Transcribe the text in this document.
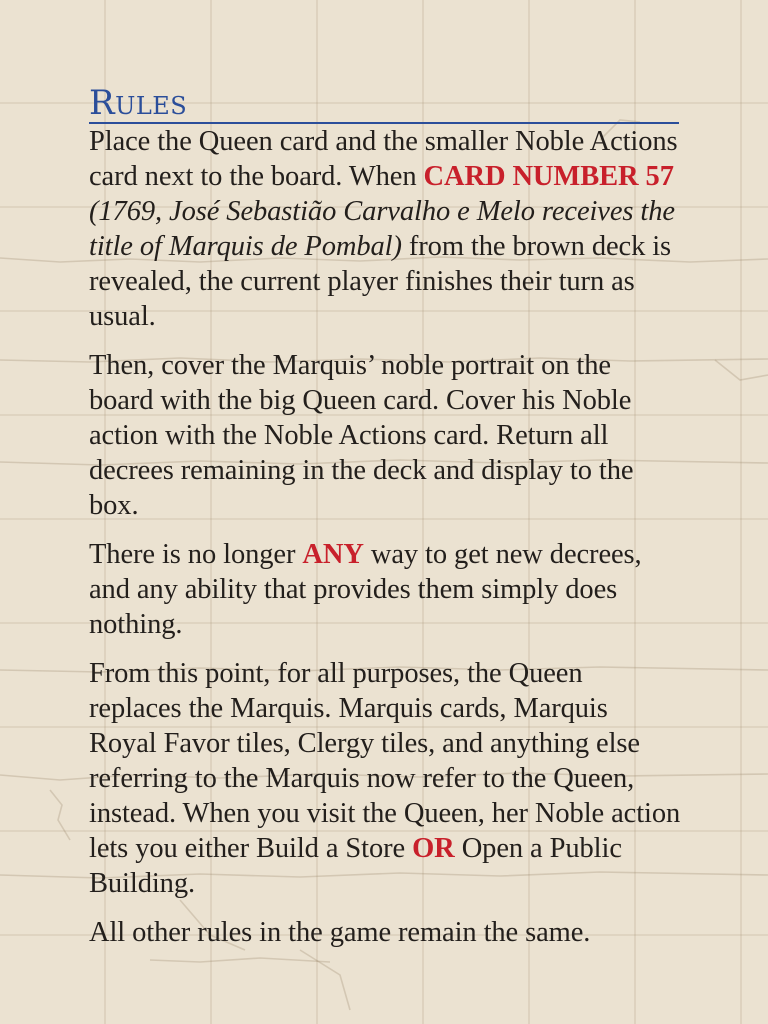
Rules

Place the Queen card and the smaller Noble Actions card next to the board. When CARD NUMBER 57 (1769, José Sebastião Carvalho e Melo receives the title of Marquis de Pombal) from the brown deck is revealed, the current player finishes their turn as usual.

Then, cover the Marquis’ noble portrait on the board with the big Queen card. Cover his Noble action with the Noble Actions card. Return all decrees remaining in the deck and display to the box.

There is no longer ANY way to get new decrees, and any ability that provides them simply does nothing.

From this point, for all purposes, the Queen replaces the Marquis. Marquis cards, Marquis Royal Favor tiles, Clergy tiles, and anything else referring to the Marquis now refer to the Queen, instead. When you visit the Queen, her Noble action lets you either Build a Store OR Open a Public Building.

All other rules in the game remain the same.
